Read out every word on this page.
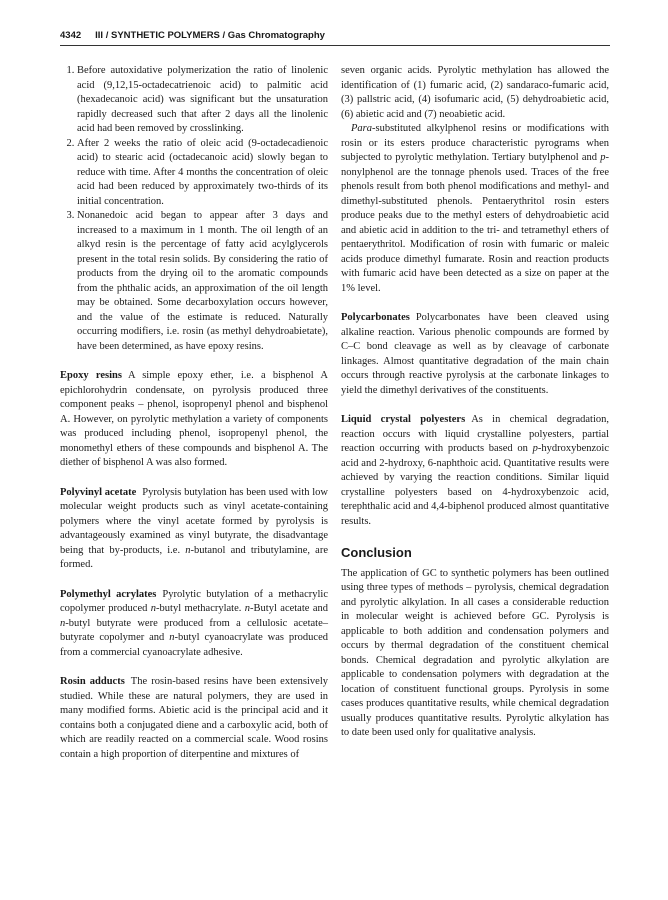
4342 III / SYNTHETIC POLYMERS / Gas Chromatography
1. Before autoxidative polymerization the ratio of linolenic acid (9,12,15-octadecatrienoic acid) to palmitic acid (hexadecanoic acid) was significant but the unsaturation rapidly decreased such that after 2 days all the linolenic acid had been removed by crosslinking.
2. After 2 weeks the ratio of oleic acid (9-octadecadienoic acid) to stearic acid (octadecanoic acid) slowly began to reduce with time. After 4 months the concentration of oleic acid had been reduced by approximately two-thirds of its initial concentration.
3. Nonanedoic acid began to appear after 3 days and increased to a maximum in 1 month. The oil length of an alkyd resin is the percentage of fatty acid acylglycerols present in the total resin solids. By considering the ratio of products from the drying oil to the aromatic compounds from the phthalic acids, an approximation of the oil length may be obtained. Some decarboxylation occurs however, and the value of the estimate is reduced. Naturally occurring modifiers, i.e. rosin (as methyl dehydroabietate), have been determined, as have epoxy resins.

Epoxy resins A simple epoxy ether, i.e. a bisphenol A epichlorohydrin condensate, on pyrolysis produced three component peaks – phenol, isopropenyl phenol and bisphenol A. However, on pyrolytic methylation a variety of components was produced including phenol, isopropenyl phenol, the monomethyl ethers of these compounds and bisphenol A. The diether of bisphenol A was also formed.

Polyvinyl acetate Pyrolysis butylation has been used with low molecular weight products such as vinyl acetate-containing polymers where the vinyl acetate formed by pyrolysis is advantageously examined as vinyl butyrate, the disadvantage being that by-products, i.e. n-butanol and tributylamine, are formed.

Polymethyl acrylates Pyrolytic butylation of a methacrylic copolymer produced n-butyl methacrylate. n-Butyl acetate and n-butyl butyrate were produced from a cellulosic acetate–butyrate copolymer and n-butyl cyanoacrylate was produced from a commercial cyanoacrylate adhesive.

Rosin adducts The rosin-based resins have been extensively studied. While these are natural polymers, they are used in many modified forms. Abietic acid is the principal acid and it contains both a conjugated diene and a carboxylic acid, both of which are readily reacted on a commercial scale. Wood rosins contain a high proportion of diterpentine and mixtures of

seven organic acids. Pyrolytic methylation has allowed the identification of (1) fumaric acid, (2) sandaraco-fumaric acid, (3) pallstric acid, (4) isofumaric acid, (5) dehydroabietic acid, (6) abietic acid and (7) neoabietic acid.

Para-substituted alkylphenol resins or modifications with rosin or its esters produce characteristic pyrograms when subjected to pyrolytic methylation. Tertiary butylphenol and p-nonylphenol are the tonnage phenols used. Traces of the free phenols result from both phenol modifications and methyl- and dimethyl-substituted phenols. Pentaerythritol rosin esters produce peaks due to the methyl esters of dehydroabietic acid and abietic acid in addition to the tri- and tetramethyl ethers of pentaerythritol. Modification of rosin with fumaric or maleic acids produce dimethyl fumarate. Rosin and reaction products with fumaric acid have been detected as a size on paper at the 1% level.

Polycarbonates Polycarbonates have been cleaved using alkaline reaction. Various phenolic compounds are formed by C–C bond cleavage as well as by cleavage of carbonate linkages. Almost quantitative degradation of the main chain occurs through reactive pyrolysis at the carbonate linkages to yield the dimethyl derivatives of the constituents.

Liquid crystal polyesters As in chemical degradation, reaction occurs with liquid crystalline polyesters, partial reaction occurring with products based on p-hydroxybenzoic acid and 2-hydroxy, 6-naphthoic acid. Quantitative results were achieved by varying the reaction conditions. Similar liquid crystalline polyesters based on 4-hydroxybenzoic acid, terephthalic acid and 4,4-biphenol produced almost quantitative results.

Conclusion

The application of GC to synthetic polymers has been outlined using three types of methods – pyrolysis, chemical degradation and pyrolytic alkylation. In all cases a considerable reduction in molecular weight is achieved before GC. Pyrolysis is applicable to both addition and condensation polymers and occurs by thermal degradation of the constituent chemical bonds. Chemical degradation and pyrolytic alkylation are applicable to condensation polymers with degradation at the location of constituent functional groups. Pyrolysis in some cases produces quantitative results, while chemical degradation usually produces quantitative results. Pyrolytic alkylation has to date been used only for qualitative analysis.
